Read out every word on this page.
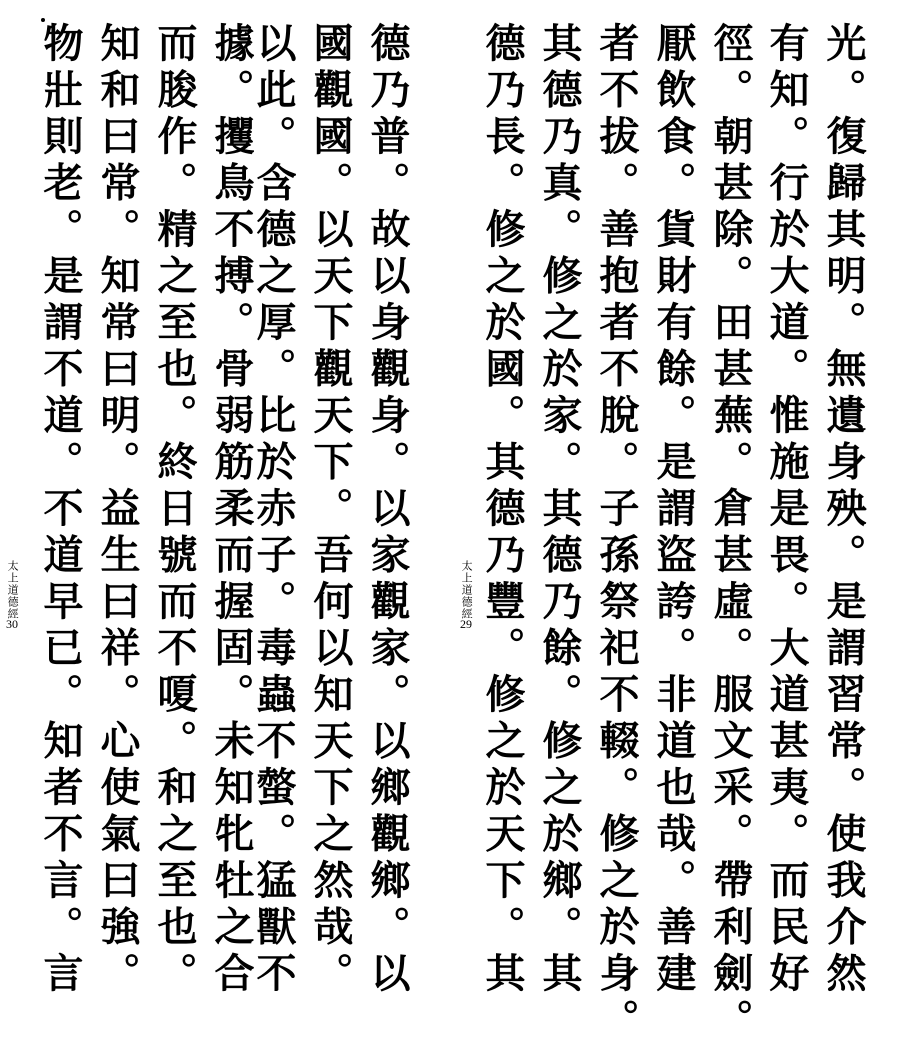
光。復歸其明。無遺身殃。是謂習常。使我介然
有知。行於大道。惟施是畏。大道甚夷。而民好
徑。朝甚除。田甚蕪。倉甚虛。服文采。帶利劍。
厭飲食。貨財有餘。是謂盜誇。非道也哉。善建
者不拔。善抱者不脫。子孫祭祀不輟。修之於身。
其德乃真。修之於家。其德乃餘。修之於鄉。其
德乃長。修之於國。其德乃豐。修之於天下。其
太上道德經
29
德乃普。故以身觀身。以家觀家。以鄉觀鄉。以
國觀國。以天下觀天下。吾何以知天下之然哉。
以此。含德之厚。比於赤子。毒蟲不螫。猛獸不
據。攫鳥不搏。骨弱筋柔而握固。未知牝牡之合
而朘作。精之至也。終日號而不嗄。和之至也。
知和曰常。知常曰明。益生曰祥。心使氣曰強。
物壯則老。是謂不道。不道早已。知者不言。言
太上道德經
30
